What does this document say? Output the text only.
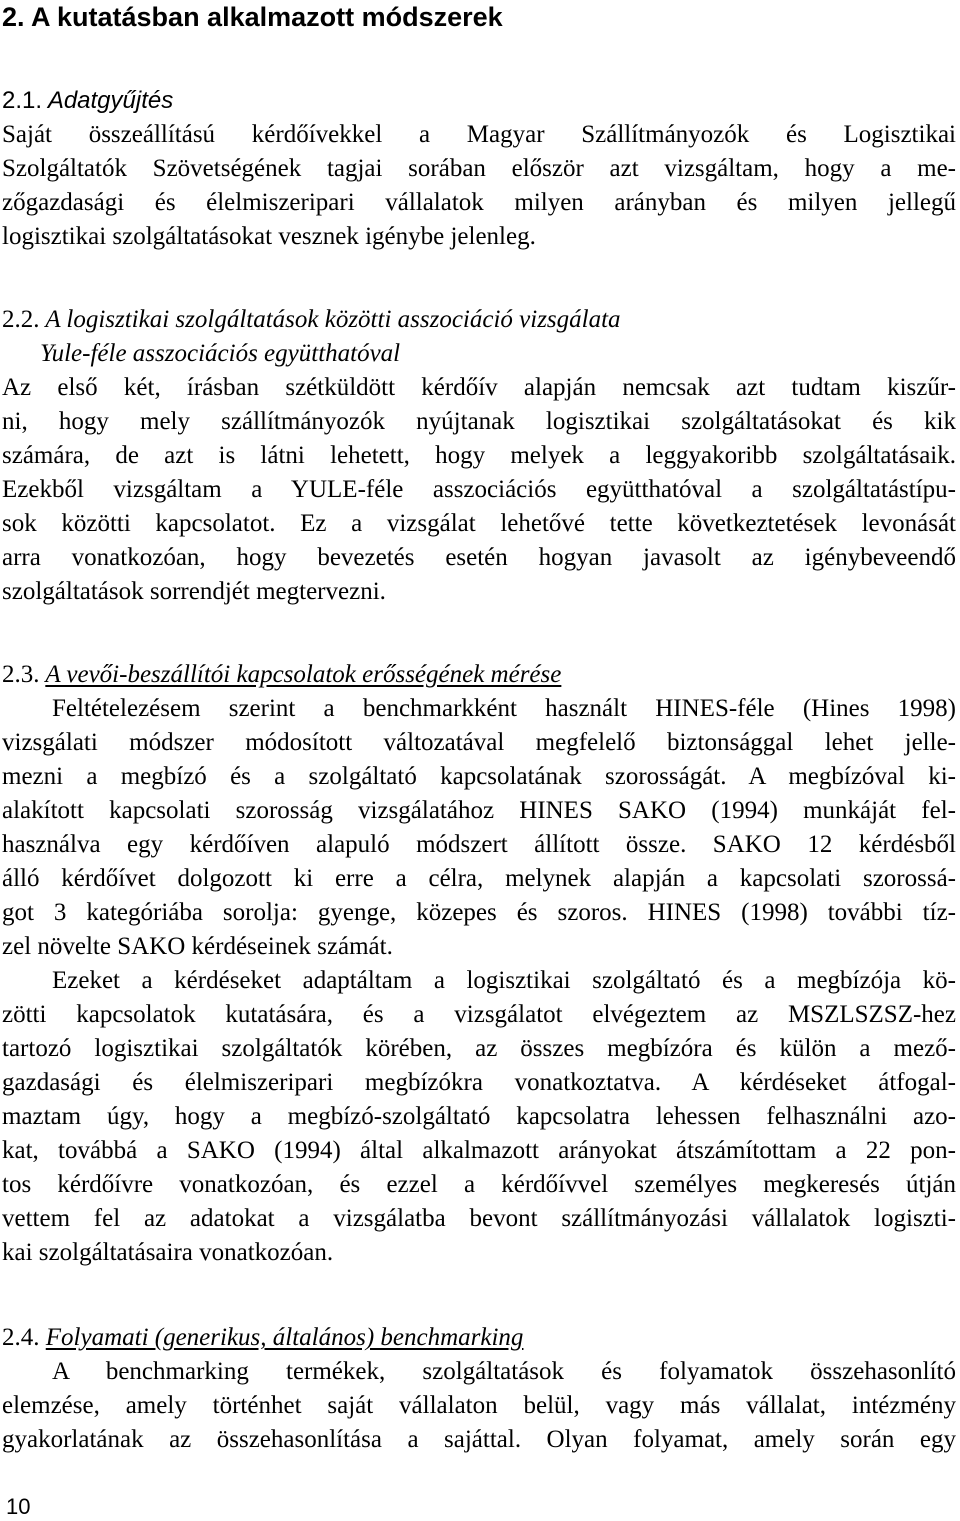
2. A kutatásban alkalmazott módszerek
2.1. Adatgyűjtés
Saját összeállítású kérdőívekkel a Magyar Szállítmányozók és Logisztikai
Szolgáltatók Szövetségének tagjai sorában először azt vizsgáltam, hogy a me-
zőgazdasági és élelmiszeripari vállalatok milyen arányban és milyen jellegű
logisztikai szolgáltatásokat vesznek igénybe jelenleg.
2.2. A logisztikai szolgáltatások közötti asszociáció vizsgálata
Yule-féle asszociációs együtthatóval
Az első két, írásban szétküldött kérdőív alapján nemcsak azt tudtam kiszűr-
ni, hogy mely szállítmányozók nyújtanak logisztikai szolgáltatásokat és kik
számára, de azt is látni lehetett, hogy melyek a leggyakoribb szolgáltatásaik.
Ezekből vizsgáltam a YULE-féle asszociációs együtthatóval a szolgáltatástípu-
sok közötti kapcsolatot. Ez a vizsgálat lehetővé tette következtetések levonását
arra vonatkozóan, hogy bevezetés esetén hogyan javasolt az igénybeveendő
szolgáltatások sorrendjét megtervezni.
2.3. A vevői-beszállítói kapcsolatok erősségének mérése
Feltételezésem szerint a benchmarkként használt HINES-féle (Hines 1998)
vizsgálati módszer módosított változatával megfelelő biztonsággal lehet jelle-
mezni a megbízó és a szolgáltató kapcsolatának szorosságát. A megbízóval ki-
alakított kapcsolati szorosság vizsgálatához HINES SAKO (1994) munkáját fel-
használva egy kérdőíven alapuló módszert állított össze. SAKO 12 kérdésből
álló kérdőívet dolgozott ki erre a célra, melynek alapján a kapcsolati szorossá-
got 3 kategóriába sorolja: gyenge, közepes és szoros. HINES (1998) további tíz-
zel növelte SAKO kérdéseinek számát.
Ezeket a kérdéseket adaptáltam a logisztikai szolgáltató és a megbízója kö-
zötti kapcsolatok kutatására, és a vizsgálatot elvégeztem az MSZLSZSZ-hez
tartozó logisztikai szolgáltatók körében, az összes megbízóra és külön a mező-
gazdasági és élelmiszeripari megbízókra vonatkoztatva. A kérdéseket átfogal-
maztam úgy, hogy a megbízó-szolgáltató kapcsolatra lehessen felhasználni azo-
kat, továbbá a SAKO (1994) által alkalmazott arányokat átszámítottam a 22 pon-
tos kérdőívre vonatkozóan, és ezzel a kérdőívvel személyes megkeresés útján
vettem fel az adatokat a vizsgálatba bevont szállítmányozási vállalatok logiszti-
kai szolgáltatásaira vonatkozóan.
2.4. Folyamati (generikus, általános) benchmarking
A benchmarking termékek, szolgáltatások és folyamatok összehasonlító
elemzése, amely történhet saját vállalaton belül, vagy más vállalat, intézmény
gyakorlatának az összehasonlítása a sajáttal. Olyan folyamat, amely során egy
10
